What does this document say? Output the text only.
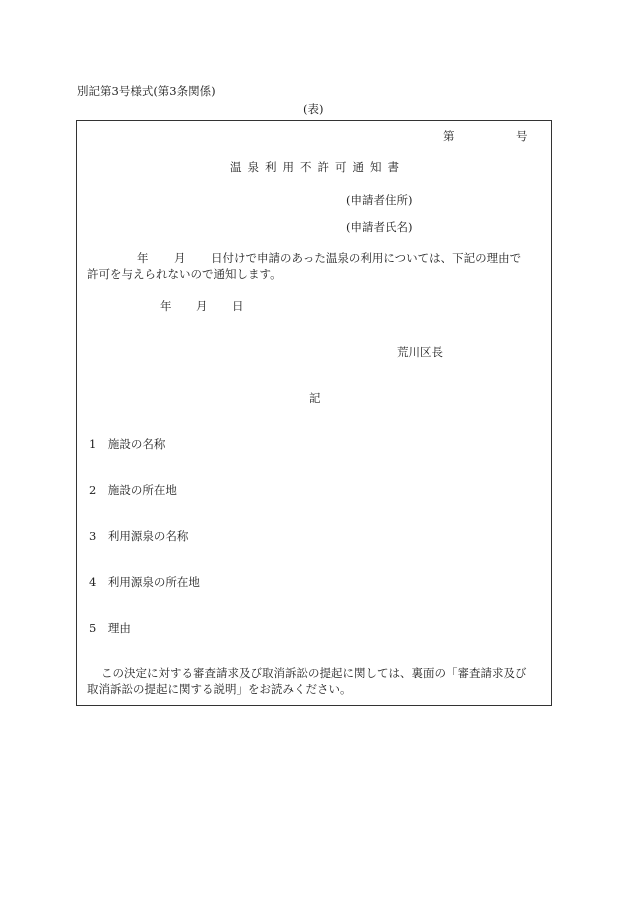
別記第3号様式(第3条関係)
(表)
第	号
温泉利用不許可通知書
(申請者住所)
(申請者氏名)
年 月 日付けで申請のあった温泉の利用については、下記の理由で
許可を与えられないので通知します。
年 月 日
荒川区長
記
1　施設の名称
2　施設の所在地
3　利用源泉の名称
4　利用源泉の所在地
5　理由
この決定に対する審査請求及び取消訴訟の提起に関しては、裏面の「審査請求及び
取消訴訟の提起に関する説明」をお読みください。
